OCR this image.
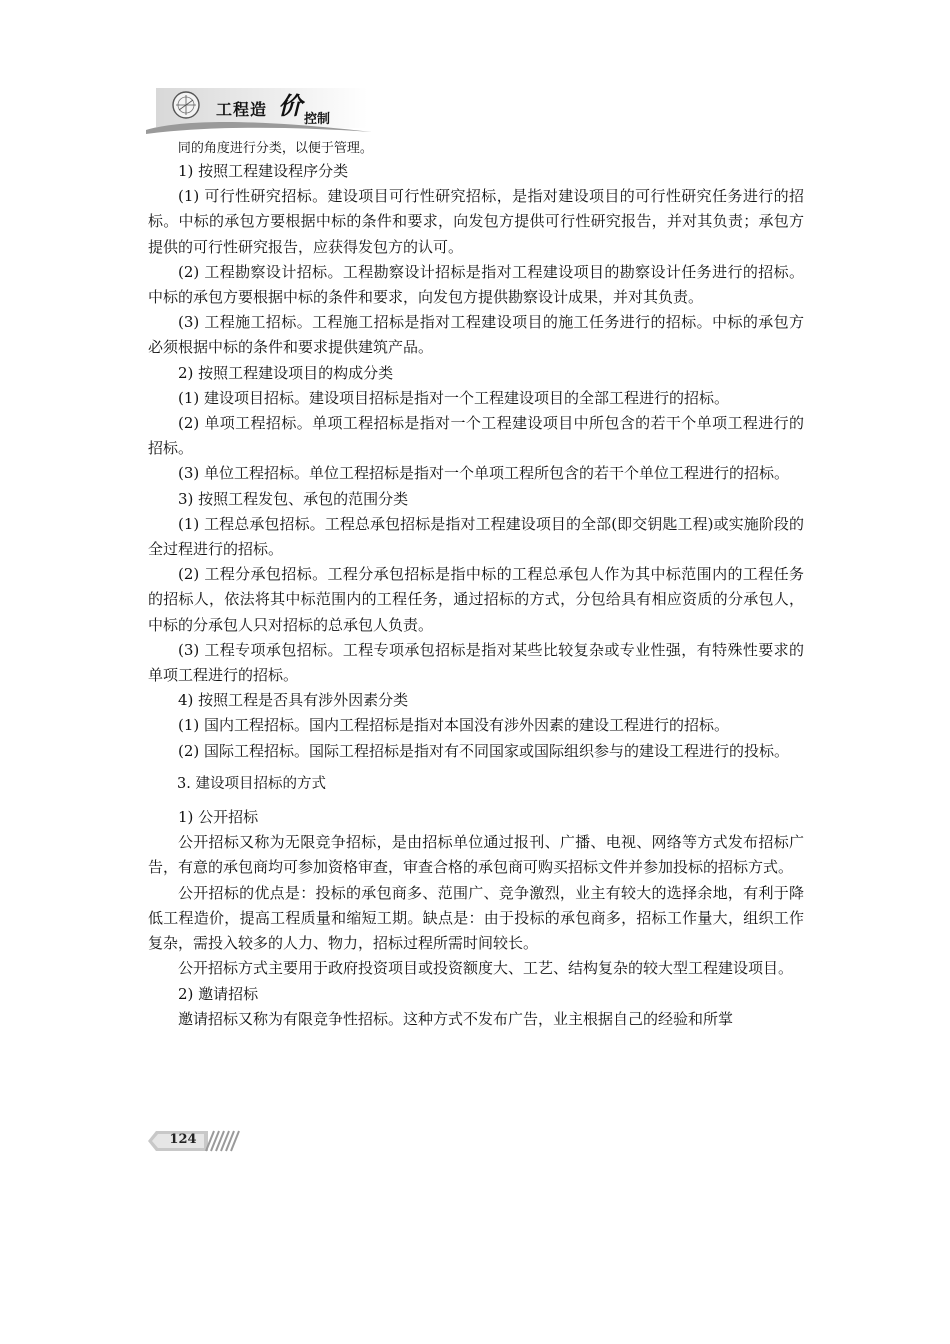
工程造 价 控制

同的角度进行分类，以便于管理。

1) 按照工程建设程序分类

(1) 可行性研究招标。建设项目可行性研究招标，是指对建设项目的可行性研究任务进行的招标。中标的承包方要根据中标的条件和要求，向发包方提供可行性研究报告，并对其负责；承包方提供的可行性研究报告，应获得发包方的认可。

(2) 工程勘察设计招标。工程勘察设计招标是指对工程建设项目的勘察设计任务进行的招标。中标的承包方要根据中标的条件和要求，向发包方提供勘察设计成果，并对其负责。

(3) 工程施工招标。工程施工招标是指对工程建设项目的施工任务进行的招标。中标的承包方必须根据中标的条件和要求提供建筑产品。

2) 按照工程建设项目的构成分类

(1) 建设项目招标。建设项目招标是指对一个工程建设项目的全部工程进行的招标。

(2) 单项工程招标。单项工程招标是指对一个工程建设项目中所包含的若干个单项工程进行的招标。

(3) 单位工程招标。单位工程招标是指对一个单项工程所包含的若干个单位工程进行的招标。

3) 按照工程发包、承包的范围分类

(1) 工程总承包招标。工程总承包招标是指对工程建设项目的全部(即交钥匙工程)或实施阶段的全过程进行的招标。

(2) 工程分承包招标。工程分承包招标是指中标的工程总承包人作为其中标范围内的工程任务的招标人，依法将其中标范围内的工程任务，通过招标的方式，分包给具有相应资质的分承包人，中标的分承包人只对招标的总承包人负责。

(3) 工程专项承包招标。工程专项承包招标是指对某些比较复杂或专业性强，有特殊性要求的单项工程进行的招标。

4) 按照工程是否具有涉外因素分类

(1) 国内工程招标。国内工程招标是指对本国没有涉外因素的建设工程进行的招标。

(2) 国际工程招标。国际工程招标是指对有不同国家或国际组织参与的建设工程进行的投标。

3. 建设项目招标的方式

1) 公开招标

公开招标又称为无限竞争招标，是由招标单位通过报刊、广播、电视、网络等方式发布招标广告，有意的承包商均可参加资格审查，审查合格的承包商可购买招标文件并参加投标的招标方式。

公开招标的优点是：投标的承包商多、范围广、竞争激烈，业主有较大的选择余地，有利于降低工程造价，提高工程质量和缩短工期。缺点是：由于投标的承包商多，招标工作量大，组织工作复杂，需投入较多的人力、物力，招标过程所需时间较长。

公开招标方式主要用于政府投资项目或投资额度大、工艺、结构复杂的较大型工程建设项目。

2) 邀请招标

邀请招标又称为有限竞争性招标。这种方式不发布广告，业主根据自己的经验和所掌

124
